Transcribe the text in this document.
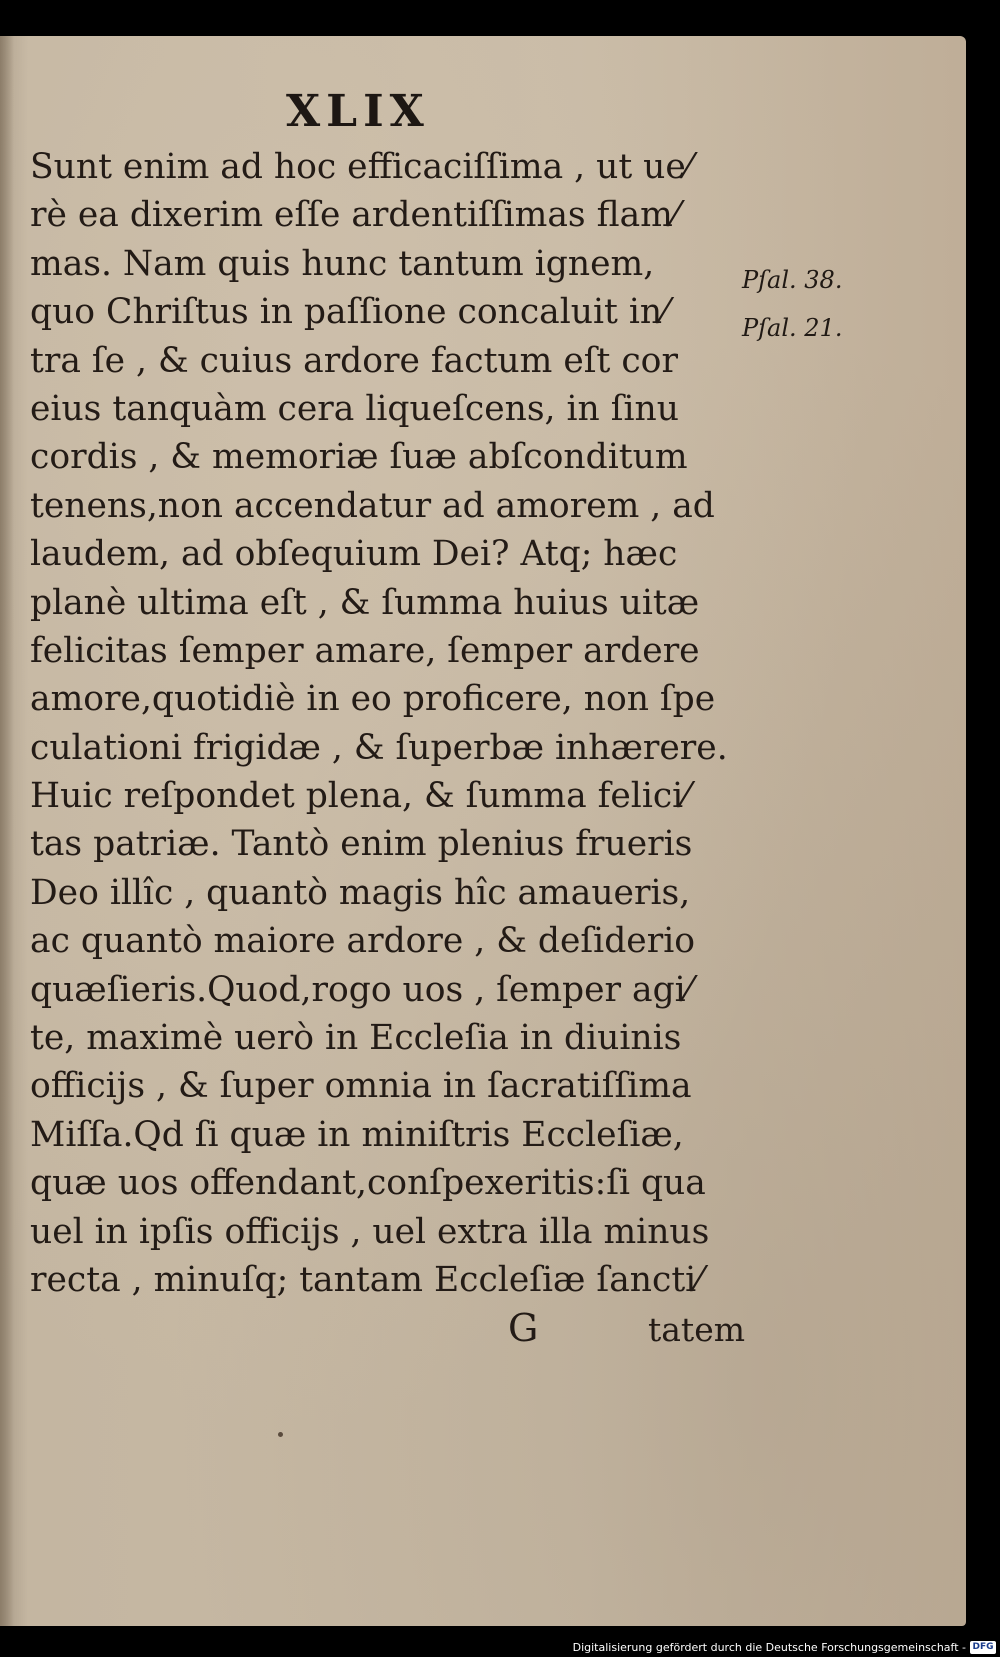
XLIX

Sunt enim ad hoc efficaciſſima , ut ue⁄

rè ea dixerim eſſe ardentiſſimas flam⁄

mas. Nam quis hunc tantum ignem,

quo Chriſtus in paſſione concaluit in⁄

tra ſe , & cuius ardore factum eſt cor

eius tanquàm cera liqueſcens, in ſinu

cordis , & memoriæ ſuæ abſconditum

tenens,non accendatur ad amorem , ad

laudem, ad obſequium Dei? Atq; hæc

planè ultima eſt , & ſumma huius uitæ

felicitas ſemper amare, ſemper ardere

amore,quotidiè in eo proficere, non ſpe

culationi frigidæ , & ſuperbæ inhærere.

Huic reſpondet plena, & ſumma felici⁄

tas patriæ. Tantò enim plenius frueris

Deo illîc , quantò magis hîc amaueris,

ac quantò maiore ardore , & deſiderio

quæſieris.Quod,rogo uos , ſemper agi⁄

te, maximè uerò in Eccleſia in diuinis

officijs , & ſuper omnia in ſacratiſſima

Miſſa.Qd ſi quæ in miniſtris Eccleſiæ,

quæ uos offendant,conſpexeritis:ſi qua

uel in ipſis officijs , uel extra illa minus

recta , minuſq; tantam Eccleſiæ ſancti⁄

Pſal. 38.
Pſal. 21.
G	tatem
Digitalisierung gefördert durch die Deutsche Forschungsgemeinschaft - DFG
